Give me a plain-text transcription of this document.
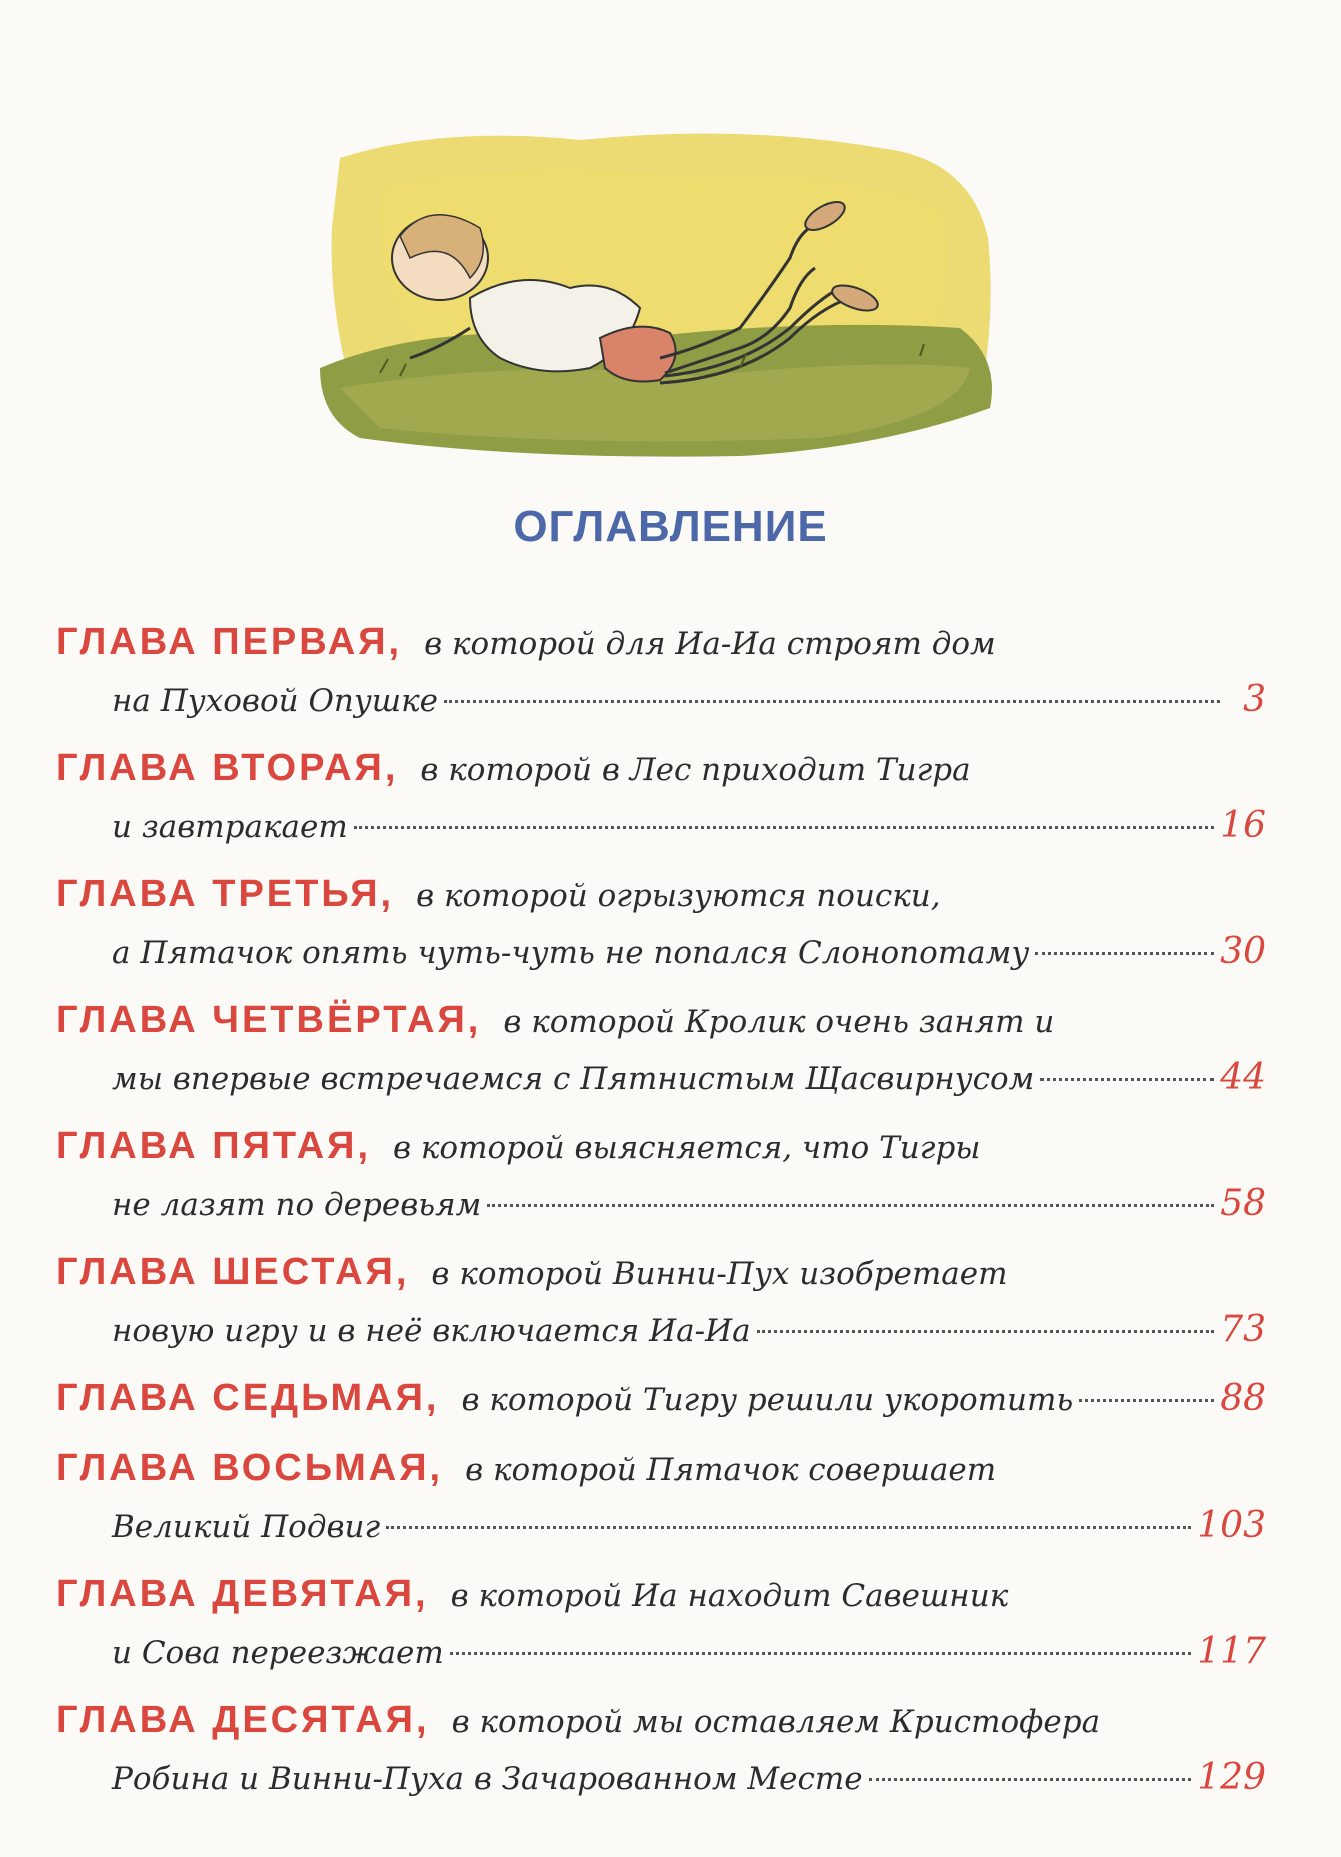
ОГЛАВЛЕНИЕ
ГЛАВА ПЕРВАЯ, в которой для Иа-Иа строят дом
на Пуховой Опушке	3
ГЛАВА ВТОРАЯ, в которой в Лес приходит Тигра
и завтракает	16
ГЛАВА ТРЕТЬЯ, в которой огрызуются поиски,
а Пятачок опять чуть-чуть не попался Слонопотаму	30
ГЛАВА ЧЕТВЁРТАЯ, в которой Кролик очень занят и
мы впервые встречаемся с Пятнистым Щасвирнусом	44
ГЛАВА ПЯТАЯ, в которой выясняется, что Тигры
не лазят по деревьям	58
ГЛАВА ШЕСТАЯ, в которой Винни-Пух изобретает
новую игру и в неё включается Иа-Иа	73
ГЛАВА СЕДЬМАЯ, в которой Тигру решили укоротить	88
ГЛАВА ВОСЬМАЯ, в которой Пятачок совершает
Великий Подвиг	103
ГЛАВА ДЕВЯТАЯ, в которой Иа находит Савешник
и Сова переезжает	117
ГЛАВА ДЕСЯТАЯ, в которой мы оставляем Кристофера
Робина и Винни-Пуха в Зачарованном Месте	129
